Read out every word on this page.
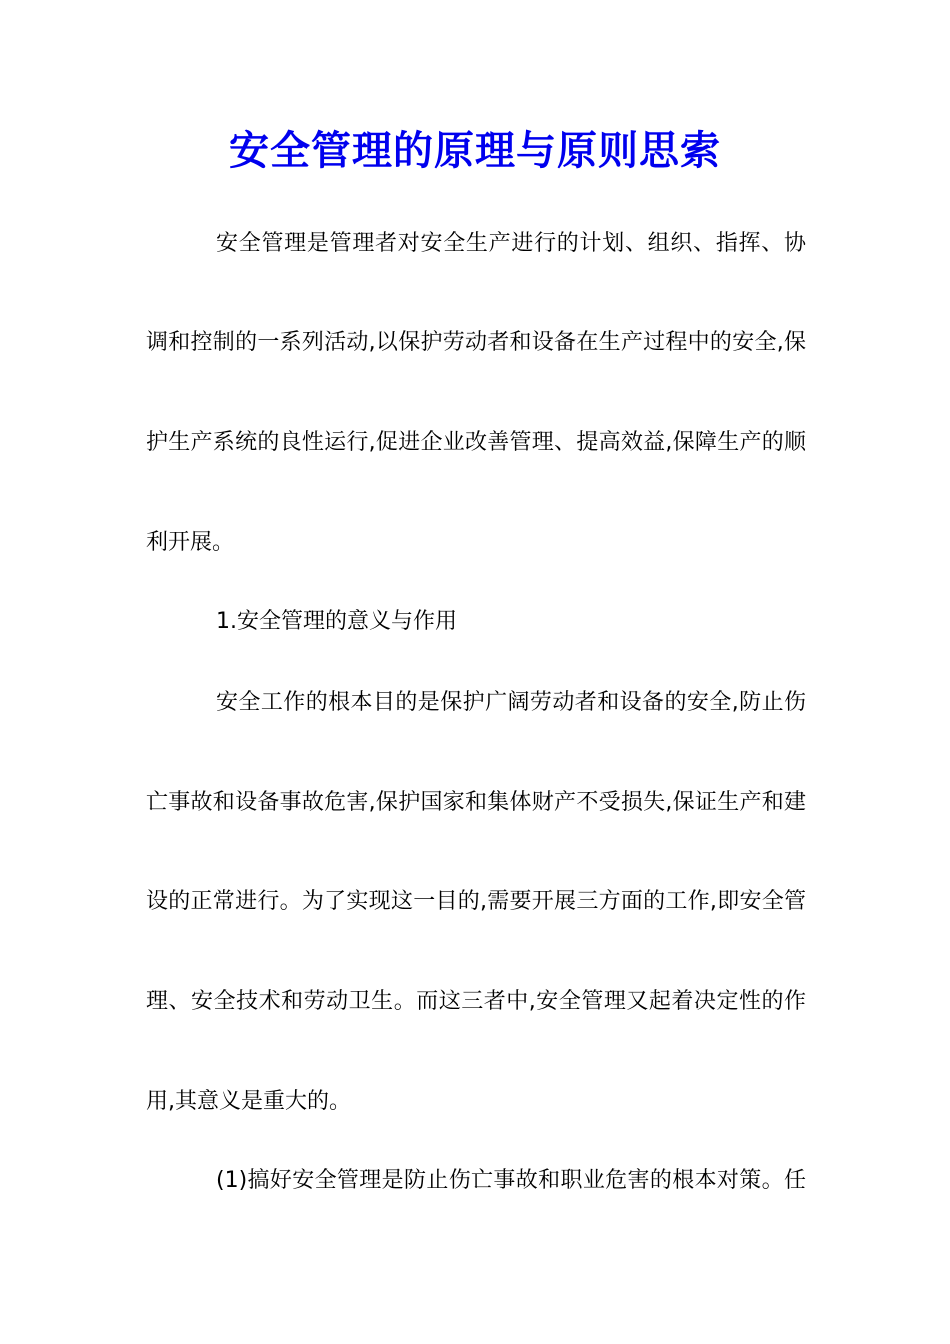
安全管理的原理与原则思索

安全管理是管理者对安全生产进行的计划、组织、指挥、协

调和控制的一系列活动,以保护劳动者和设备在生产过程中的安全,保

护生产系统的良性运行,促进企业改善管理、提高效益,保障生产的顺

利开展。

1.安全管理的意义与作用

安全工作的根本目的是保护广阔劳动者和设备的安全,防止伤

亡事故和设备事故危害,保护国家和集体财产不受损失,保证生产和建

设的正常进行。为了实现这一目的,需要开展三方面的工作,即安全管

理、安全技术和劳动卫生。而这三者中,安全管理又起着决定性的作

用,其意义是重大的。

(1)搞好安全管理是防止伤亡事故和职业危害的根本对策。任
